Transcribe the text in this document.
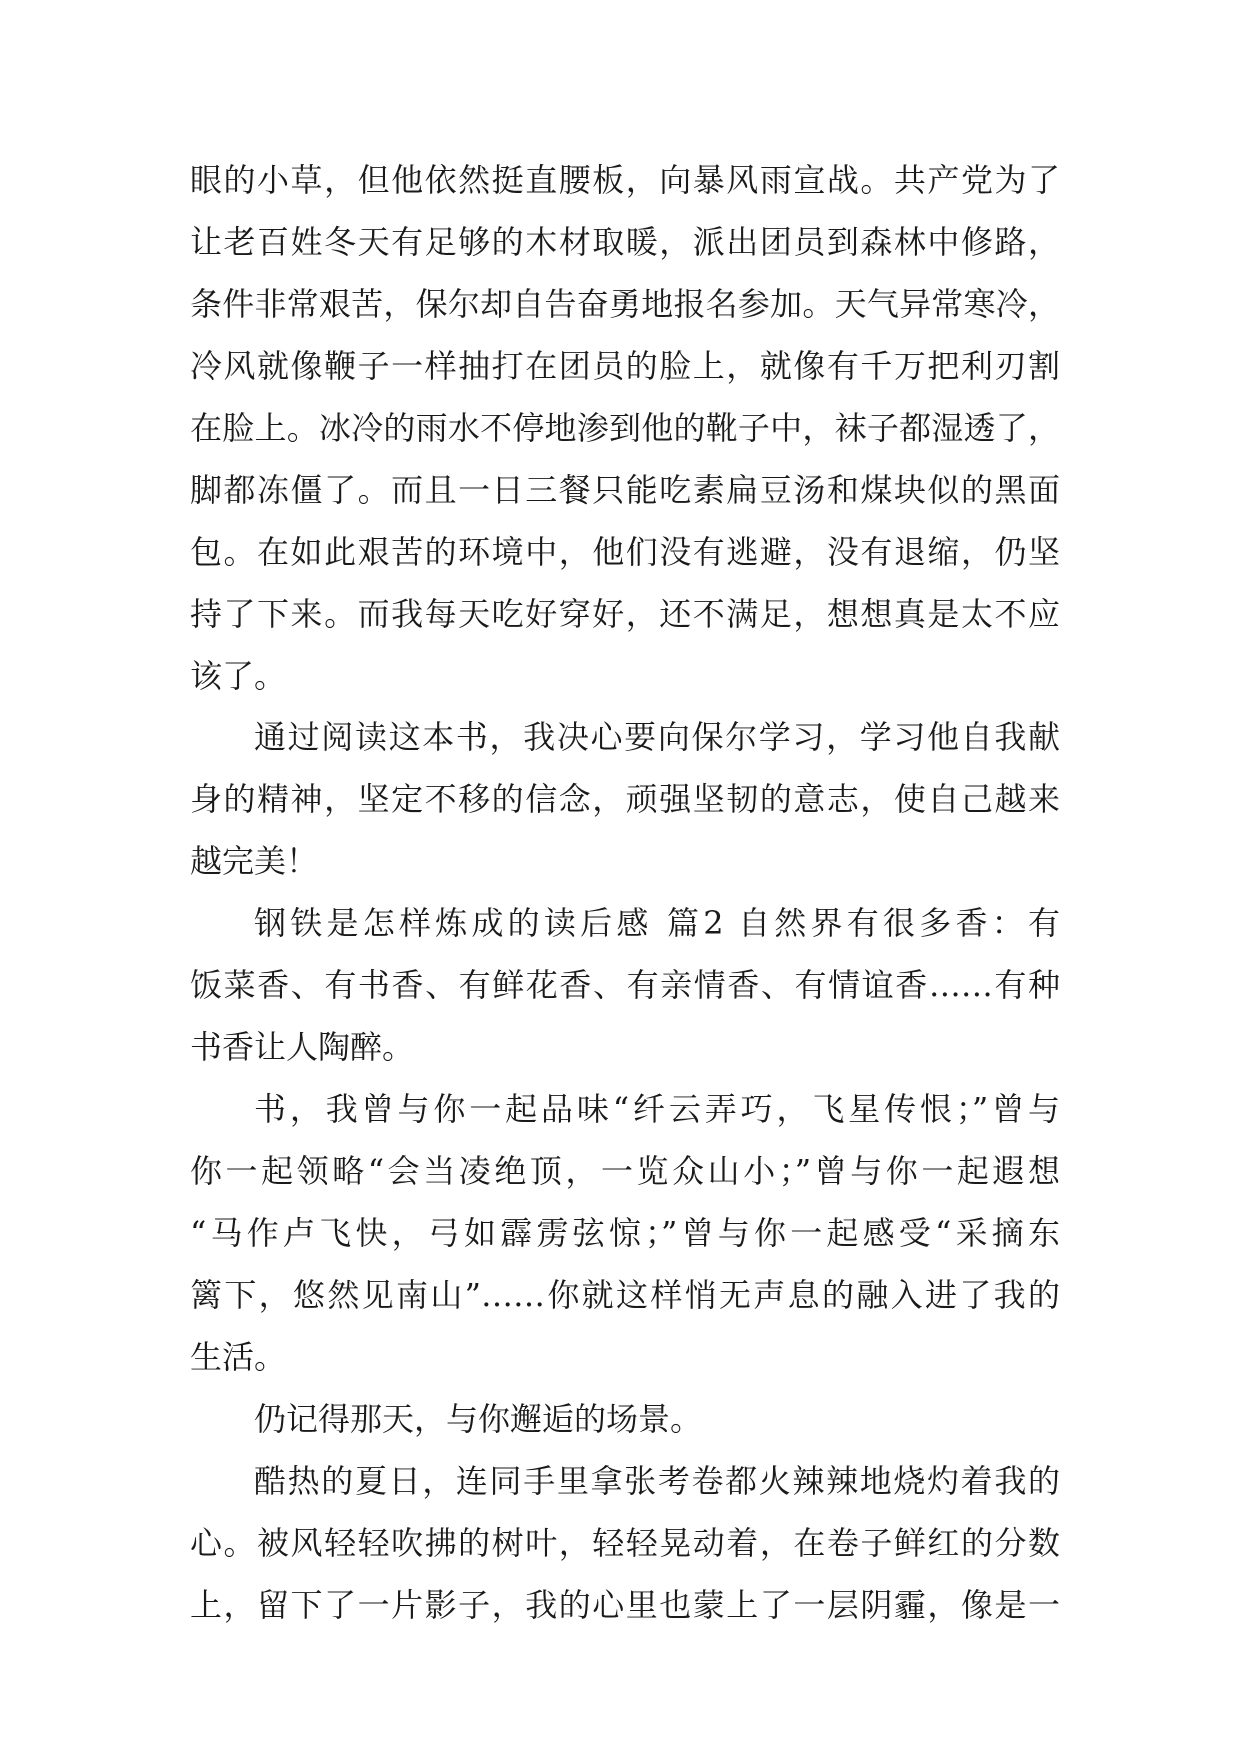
眼的小草，但他依然挺直腰板，向暴风雨宣战。共产党为了
让老百姓冬天有足够的木材取暖，派出团员到森林中修路，
条件非常艰苦，保尔却自告奋勇地报名参加。天气异常寒冷，
冷风就像鞭子一样抽打在团员的脸上，就像有千万把利刃割
在脸上。冰冷的雨水不停地渗到他的靴子中，袜子都湿透了，
脚都冻僵了。而且一日三餐只能吃素扁豆汤和煤块似的黑面
包。在如此艰苦的环境中，他们没有逃避，没有退缩，仍坚
持了下来。而我每天吃好穿好，还不满足，想想真是太不应
该了。
通过阅读这本书，我决心要向保尔学习，学习他自我献
身的精神，坚定不移的信念，顽强坚韧的意志，使自己越来
越完美！
钢铁是怎样炼成的读后感 篇2 自然界有很多香：有
饭菜香、有书香、有鲜花香、有亲情香、有情谊香……有种
书香让人陶醉。
书，我曾与你一起品味“纤云弄巧，飞星传恨；”曾与
你一起领略“会当凌绝顶，一览众山小；”曾与你一起遐想
“马作卢飞快，弓如霹雳弦惊；”曾与你一起感受“采摘东
篱下，悠然见南山”……你就这样悄无声息的融入进了我的
生活。
仍记得那天，与你邂逅的场景。
酷热的夏日，连同手里拿张考卷都火辣辣地烧灼着我的
心。被风轻轻吹拂的树叶，轻轻晃动着，在卷子鲜红的分数
上，留下了一片影子，我的心里也蒙上了一层阴霾，像是一
